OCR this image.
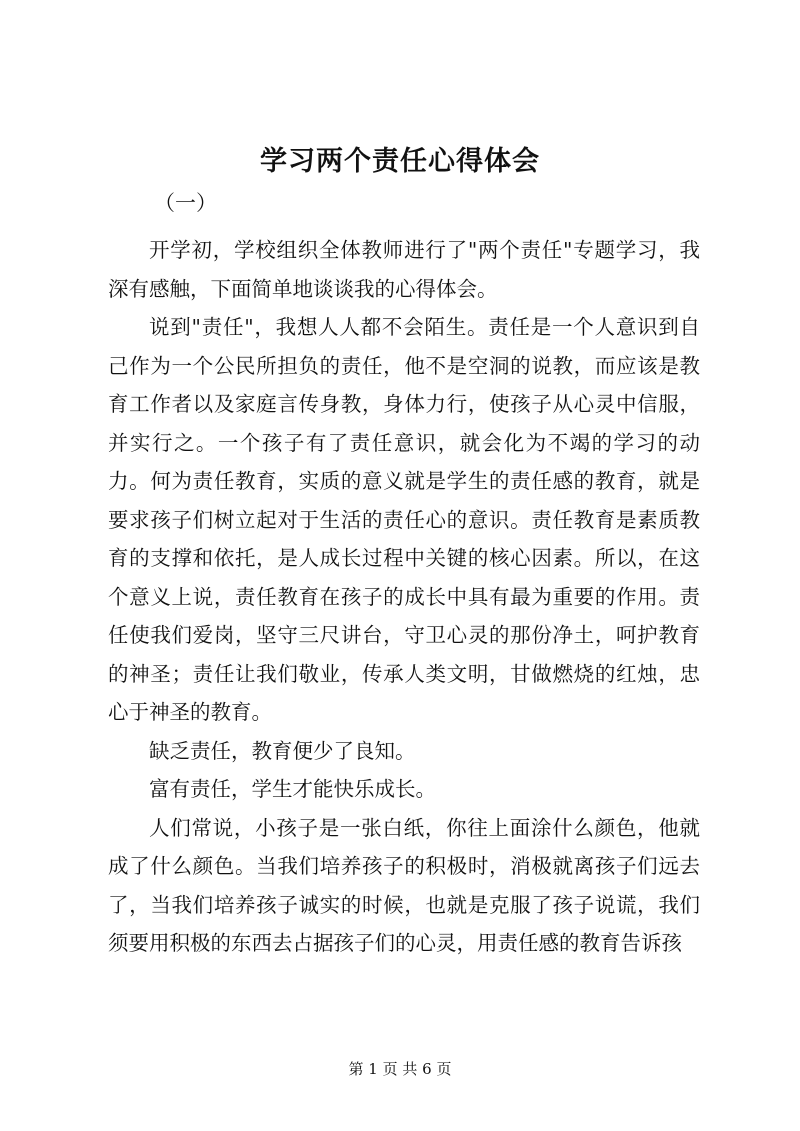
学习两个责任心得体会
（一）

开学初，学校组织全体教师进行了"两个责任"专题学习，我深有感触，下面简单地谈谈我的心得体会。

说到"责任"，我想人人都不会陌生。责任是一个人意识到自己作为一个公民所担负的责任，他不是空洞的说教，而应该是教育工作者以及家庭言传身教，身体力行，使孩子从心灵中信服，并实行之。一个孩子有了责任意识，就会化为不竭的学习的动力。何为责任教育，实质的意义就是学生的责任感的教育，就是要求孩子们树立起对于生活的责任心的意识。责任教育是素质教育的支撑和依托，是人成长过程中关键的核心因素。所以，在这个意义上说，责任教育在孩子的成长中具有最为重要的作用。责任使我们爱岗，坚守三尺讲台，守卫心灵的那份净土，呵护教育的神圣；责任让我们敬业，传承人类文明，甘做燃烧的红烛，忠心于神圣的教育。

缺乏责任，教育便少了良知。

富有责任，学生才能快乐成长。

人们常说，小孩子是一张白纸，你往上面涂什么颜色，他就成了什么颜色。当我们培养孩子的积极时，消极就离孩子们远去了，当我们培养孩子诚实的时候，也就是克服了孩子说谎，我们须要用积极的东西去占据孩子们的心灵，用责任感的教育告诉孩

第 1 页 共 6 页
